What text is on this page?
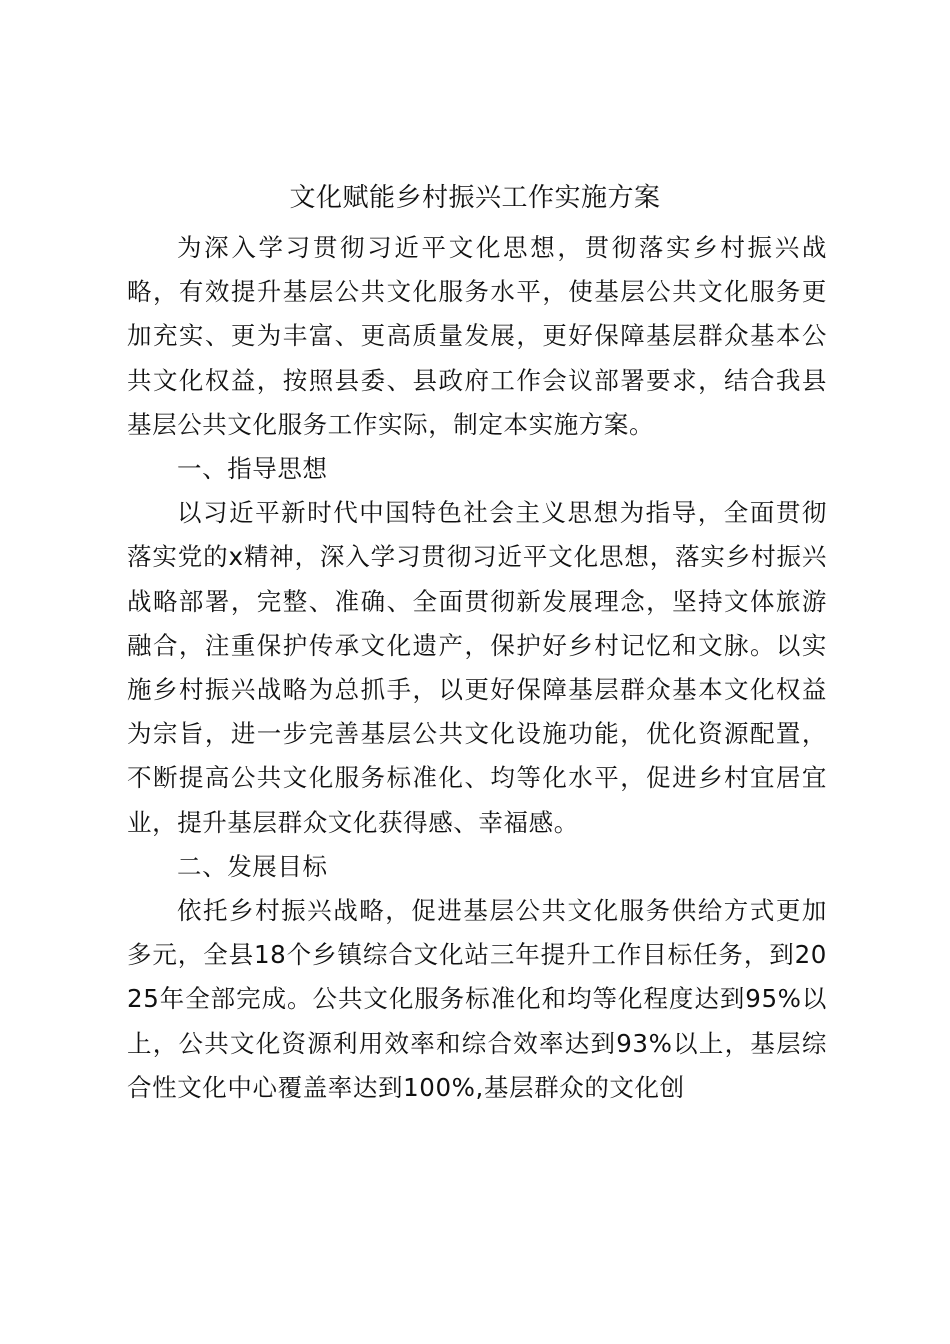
文化赋能乡村振兴工作实施方案

为深入学习贯彻习近平文化思想，贯彻落实乡村振兴战略，有效提升基层公共文化服务水平，使基层公共文化服务更加充实、更为丰富、更高质量发展，更好保障基层群众基本公共文化权益，按照县委、县政府工作会议部署要求，结合我县基层公共文化服务工作实际，制定本实施方案。

一、指导思想

以习近平新时代中国特色社会主义思想为指导，全面贯彻落实党的x精神，深入学习贯彻习近平文化思想，落实乡村振兴战略部署，完整、准确、全面贯彻新发展理念，坚持文体旅游融合，注重保护传承文化遗产，保护好乡村记忆和文脉。以实施乡村振兴战略为总抓手，以更好保障基层群众基本文化权益为宗旨，进一步完善基层公共文化设施功能，优化资源配置，不断提高公共文化服务标准化、均等化水平，促进乡村宜居宜业，提升基层群众文化获得感、幸福感。

二、发展目标

依托乡村振兴战略，促进基层公共文化服务供给方式更加多元，全县18个乡镇综合文化站三年提升工作目标任务，到2025年全部完成。公共文化服务标准化和均等化程度达到95%以上，公共文化资源利用效率和综合效率达到93%以上，基层综合性文化中心覆盖率达到100%,基层群众的文化创
